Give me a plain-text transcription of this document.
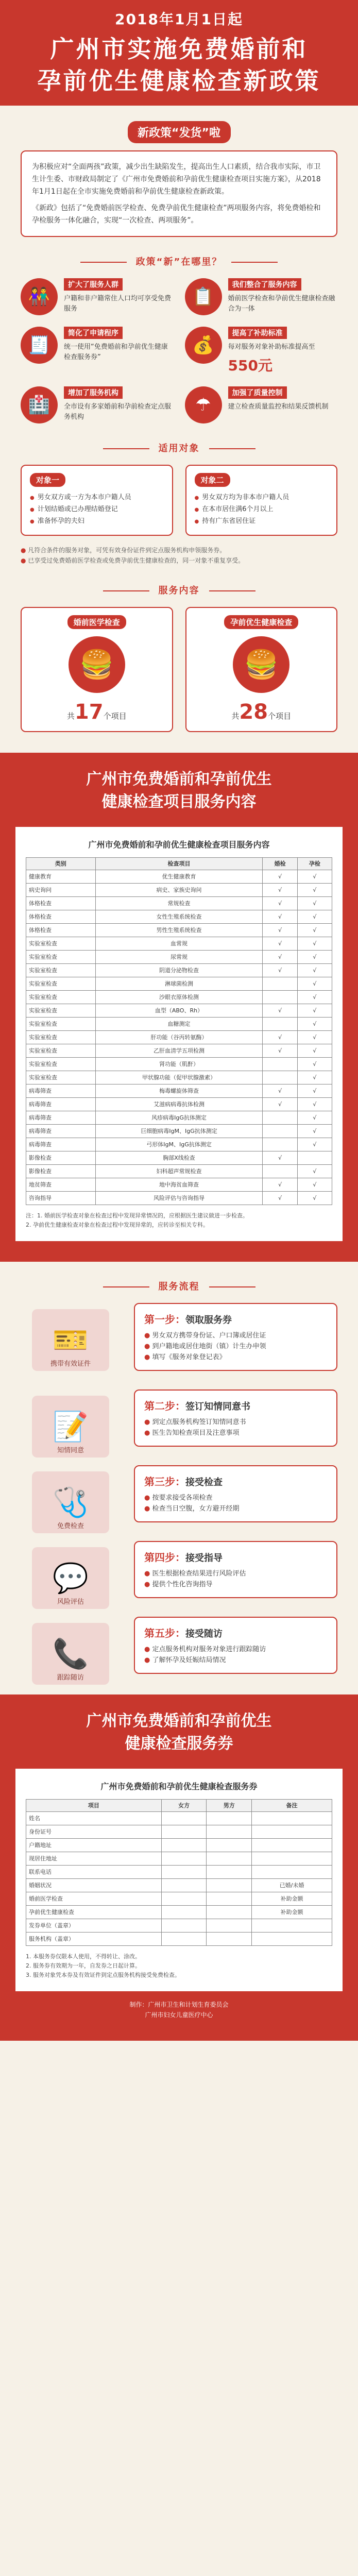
2018年1月1日起
广州市实施免费婚前和
孕前优生健康检查新政策
新政策“发货”啦

为积极应对“全面两孩”政策，减少出生缺陷发生，提高出生人口素质，结合我市实际，市卫生计生委、市财政局制定了《广州市免费婚前和孕前优生健康检查项目实施方案》，从2018年1月1日起在全市实施免费婚前和孕前优生健康检查新政策。

《新政》包括了“免费婚前医学检查、免费孕前优生健康检查”两项服务内容，将免费婚检和孕检服务一体化融合，实现“一次检查、两项服务”。

政策“新”在哪里？
👫
扩大了服务人群
户籍和非户籍常住人口均可享受免费服务
📋
我们整合了服务内容
婚前医学检查和孕前优生健康检查融合为一体
🧾
简化了申请程序
统一使用“免费婚前和孕前优生健康检查服务券”
💰
提高了补助标准
每对服务对象补助标准提高至
550元
🏥
增加了服务机构
全市设有多家婚前和孕前检查定点服务机构
☂
加强了质量控制
建立检查质量监控和结果反馈机制
适用对象
对象一
● 男女双方或一方为本市户籍人员
● 计划结婚或已办理结婚登记
● 准备怀孕的夫妇
对象二
● 男女双方均为非本市户籍人员
● 在本市居住满6个月以上
● 持有广东省居住证

● 凡符合条件的服务对象，可凭有效身份证件到定点服务机构申领服务券。

● 已享受过免费婚前医学检查或免费孕前优生健康检查的，同一对象不重复享受。

服务内容
婚前医学检查
🍔
共17个项目
孕前优生健康检查
🍔
共28个项目
广州市免费婚前和孕前优生
健康检查项目服务内容
广州市免费婚前和孕前优生健康检查项目服务内容
类别	检查项目	婚检	孕检
健康教育	优生健康教育	√	√
病史询问	病史、家族史询问	√	√
体格检查	常规检查	√	√
体格检查	女性生殖系统检查	√	√
体格检查	男性生殖系统检查	√	√
实验室检查	血常规	√	√
实验室检查	尿常规	√	√
实验室检查	阴道分泌物检查	√	√
实验室检查	淋球菌检测		√
实验室检查	沙眼衣原体检测		√
实验室检查	血型（ABO、Rh）	√	√
实验室检查	血糖测定		√
实验室检查	肝功能（谷丙转氨酶）	√	√
实验室检查	乙肝血清学五项检测	√	√
实验室检查	肾功能（肌酐）		√
实验室检查	甲状腺功能（促甲状腺激素）		√
病毒筛查	梅毒螺旋体筛查	√	√
病毒筛查	艾滋病病毒抗体检测	√	√
病毒筛查	风疹病毒IgG抗体测定		√
病毒筛查	巨细胞病毒IgM、IgG抗体测定		√
病毒筛查	弓形体IgM、IgG抗体测定		√
影像检查	胸部X线检查	√	
影像检查	妇科超声常规检查		√
地贫筛查	地中海贫血筛查	√	√
咨询指导	风险评估与咨询指导	√	√

注：1. 婚前医学检查对象在检查过程中发现异常情况的，应根据医生建议做进一步检查。

2. 孕前优生健康检查对象在检查过程中发现异常的，应转诊至相关专科。

服务流程
🎫
携带有效证件
第一步：领取服务券
● 男女双方携带身份证、户口簿或居住证
● 到户籍地或居住地街（镇）计生办申领
● 填写《服务对象登记表》
📝
知情同意
第二步：签订知情同意书
● 到定点服务机构签订知情同意书
● 医生告知检查项目及注意事项
🩺
免费检查
第三步：接受检查
● 按要求接受各项检查
● 检查当日空腹，女方避开经期
💬
风险评估
第四步：接受指导
● 医生根据检查结果进行风险评估
● 提供个性化咨询指导
📞
跟踪随访
第五步：接受随访
● 定点服务机构对服务对象进行跟踪随访
● 了解怀孕及妊娠结局情况
广州市免费婚前和孕前优生
健康检查服务券
广州市免费婚前和孕前优生健康检查服务券
项目	女方	男方	备注
姓名			
身份证号			
户籍地址			
现居住地址			
联系电话			
婚姻状况			已婚/未婚
婚前医学检查			补助金额
孕前优生健康检查			补助金额
发券单位（盖章）			
服务机构（盖章）			

1. 本服务券仅限本人使用，不得转让、涂改。

2. 服务券有效期为一年，自发券之日起计算。

3. 服务对象凭本券及有效证件到定点服务机构接受免费检查。

制作：广州市卫生和计划生育委员会
广州市妇女儿童医疗中心
